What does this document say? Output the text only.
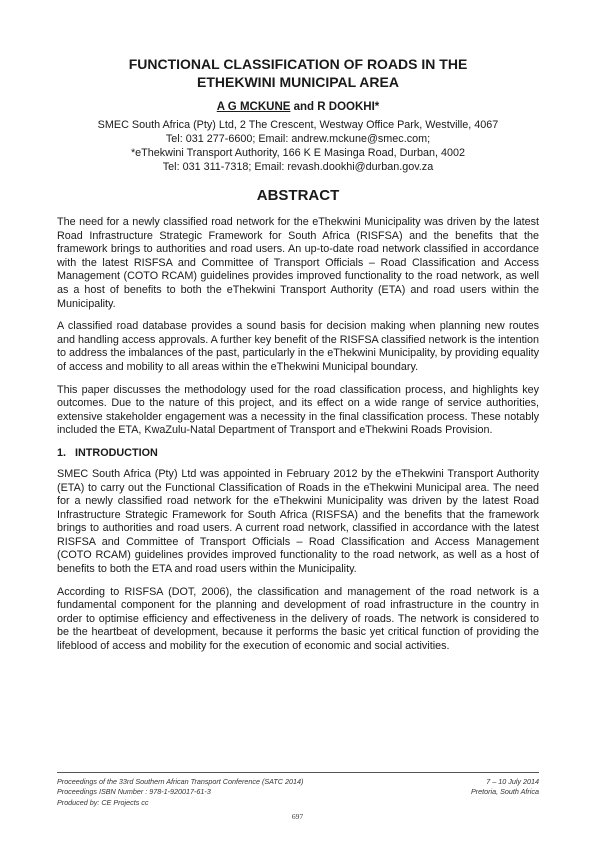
FUNCTIONAL CLASSIFICATION OF ROADS IN THE
ETHEKWINI MUNICIPAL AREA
A G MCKUNE and R DOOKHI*
SMEC South Africa (Pty) Ltd, 2 The Crescent, Westway Office Park, Westville, 4067
Tel: 031 277-6600; Email: andrew.mckune@smec.com;
*eThekwini Transport Authority, 166 K E Masinga Road, Durban, 4002
Tel: 031 311-7318; Email: revash.dookhi@durban.gov.za
ABSTRACT

The need for a newly classified road network for the eThekwini Municipality was driven by the latest Road Infrastructure Strategic Framework for South Africa (RISFSA) and the benefits that the framework brings to authorities and road users. An up-to-date road network classified in accordance with the latest RISFSA and Committee of Transport Officials – Road Classification and Access Management (COTO RCAM) guidelines provides improved functionality to the road network, as well as a host of benefits to both the eThekwini Transport Authority (ETA) and road users within the Municipality.

A classified road database provides a sound basis for decision making when planning new routes and handling access approvals. A further key benefit of the RISFSA classified network is the intention to address the imbalances of the past, particularly in the eThekwini Municipality, by providing equality of access and mobility to all areas within the eThekwini Municipal boundary.

This paper discusses the methodology used for the road classification process, and highlights key outcomes. Due to the nature of this project, and its effect on a wide range of service authorities, extensive stakeholder engagement was a necessity in the final classification process. These notably included the ETA, KwaZulu-Natal Department of Transport and eThekwini Roads Provision.

1. INTRODUCTION

SMEC South Africa (Pty) Ltd was appointed in February 2012 by the eThekwini Transport Authority (ETA) to carry out the Functional Classification of Roads in the eThekwini Municipal area. The need for a newly classified road network for the eThekwini Municipality was driven by the latest Road Infrastructure Strategic Framework for South Africa (RISFSA) and the benefits that the framework brings to authorities and road users. A current road network, classified in accordance with the latest RISFSA and Committee of Transport Officials – Road Classification and Access Management (COTO RCAM) guidelines provides improved functionality to the road network, as well as a host of benefits to both the ETA and road users within the Municipality.

According to RISFSA (DOT, 2006), the classification and management of the road network is a fundamental component for the planning and development of road infrastructure in the country in order to optimise efficiency and effectiveness in the delivery of roads. The network is considered to be the heartbeat of development, because it performs the basic yet critical function of providing the lifeblood of access and mobility for the execution of economic and social activities.

Proceedings of the 33rd Southern African Transport Conference (SATC 2014)	7 – 10 July 2014
Proceedings ISBN Number : 978-1-920017-61-3	Pretoria, South Africa
Produced by: CE Projects cc
697
